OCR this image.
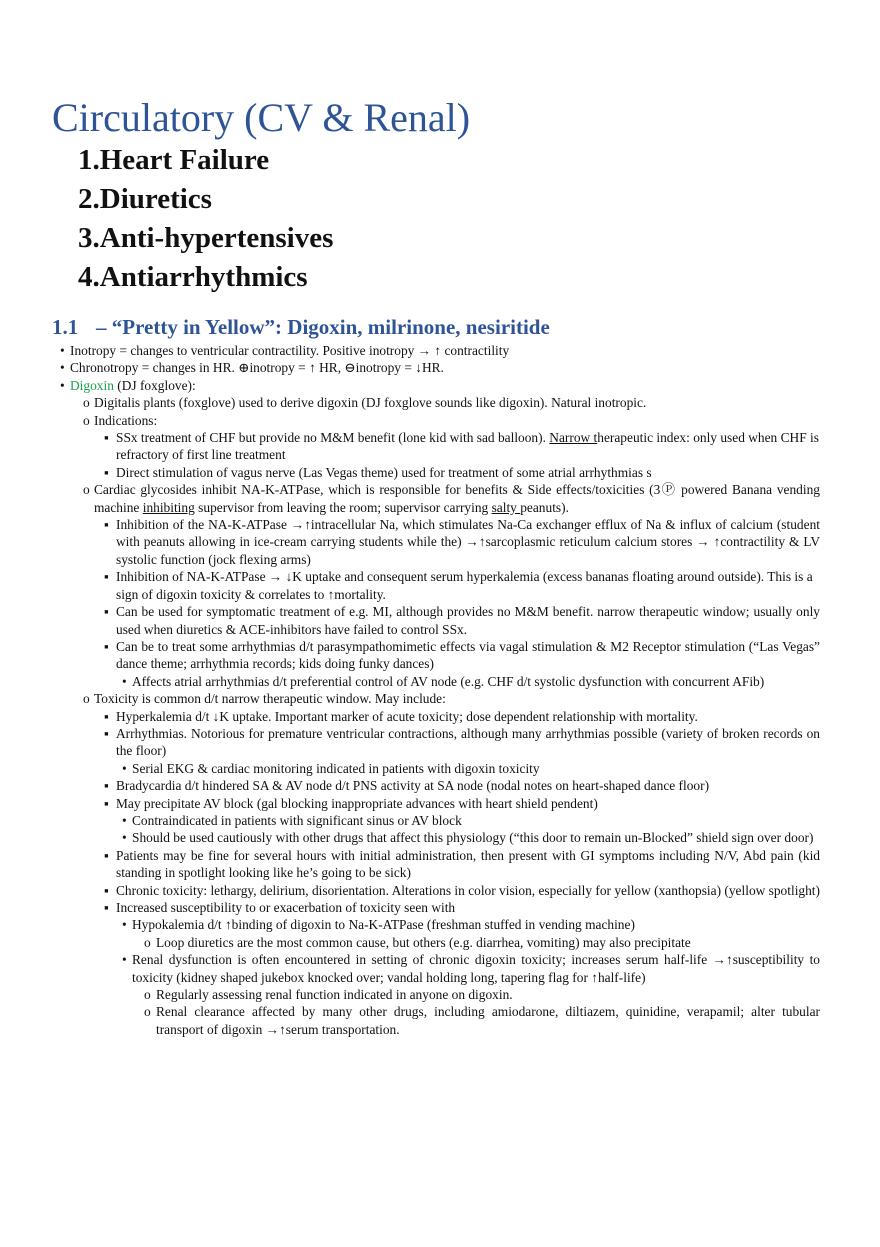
Circulatory (CV & Renal)
1.Heart Failure
2.Diuretics
3.Anti-hypertensives
4.Antiarrhythmics
1.1 – “Pretty in Yellow”: Digoxin, milrinone, nesiritide
• Inotropy = changes to ventricular contractility. Positive inotropy → ↑ contractility
• Chronotropy = changes in HR. ⊕inotropy = ↑ HR, ⊖inotropy = ↓HR.
• Digoxin (DJ foxglove):
o Digitalis plants (foxglove) used to derive digoxin (DJ foxglove sounds like digoxin). Natural inotropic.
o Indications:
▪ SSx treatment of CHF but provide no M&M benefit (lone kid with sad balloon). Narrow therapeutic index: only used when CHF is refractory of first line treatment
▪ Direct stimulation of vagus nerve (Las Vegas theme) used for treatment of some atrial arrhythmias s
o Cardiac glycosides inhibit NA-K-ATPase, which is responsible for benefits & Side effects/toxicities (3Ⓟ powered Banana vending machine inhibiting supervisor from leaving the room; supervisor carrying salty peanuts).
▪ Inhibition of the NA-K-ATPase →↑intracellular Na, which stimulates Na-Ca exchanger efflux of Na & influx of calcium (student with peanuts allowing in ice-cream carrying students while the) →↑sarcoplasmic reticulum calcium stores → ↑contractility & LV systolic function (jock flexing arms)
▪ Inhibition of NA-K-ATPase → ↓K uptake and consequent serum hyperkalemia (excess bananas floating around outside). This is a sign of digoxin toxicity & correlates to ↑mortality.
▪ Can be used for symptomatic treatment of e.g. MI, although provides no M&M benefit. narrow therapeutic window; usually only used when diuretics & ACE-inhibitors have failed to control SSx.
▪ Can be to treat some arrhythmias d/t parasympathomimetic effects via vagal stimulation & M2 Receptor stimulation (“Las Vegas” dance theme; arrhythmia records; kids doing funky dances)
• Affects atrial arrhythmias d/t preferential control of AV node (e.g. CHF d/t systolic dysfunction with concurrent AFib)
o Toxicity is common d/t narrow therapeutic window. May include:
▪ Hyperkalemia d/t ↓K uptake. Important marker of acute toxicity; dose dependent relationship with mortality.
▪ Arrhythmias. Notorious for premature ventricular contractions, although many arrhythmias possible (variety of broken records on the floor)
• Serial EKG & cardiac monitoring indicated in patients with digoxin toxicity
▪ Bradycardia d/t hindered SA & AV node d/t PNS activity at SA node (nodal notes on heart-shaped dance floor)
▪ May precipitate AV block (gal blocking inappropriate advances with heart shield pendent)
• Contraindicated in patients with significant sinus or AV block
• Should be used cautiously with other drugs that affect this physiology (“this door to remain un-Blocked” shield sign over door)
▪ Patients may be fine for several hours with initial administration, then present with GI symptoms including N/V, Abd pain (kid standing in spotlight looking like he’s going to be sick)
▪ Chronic toxicity: lethargy, delirium, disorientation. Alterations in color vision, especially for yellow (xanthopsia) (yellow spotlight)
▪ Increased susceptibility to or exacerbation of toxicity seen with
• Hypokalemia d/t ↑binding of digoxin to Na-K-ATPase (freshman stuffed in vending machine)
o Loop diuretics are the most common cause, but others (e.g. diarrhea, vomiting) may also precipitate
• Renal dysfunction is often encountered in setting of chronic digoxin toxicity; increases serum half-life →↑susceptibility to toxicity (kidney shaped jukebox knocked over; vandal holding long, tapering flag for ↑half-life)
o Regularly assessing renal function indicated in anyone on digoxin.
o Renal clearance affected by many other drugs, including amiodarone, diltiazem, quinidine, verapamil; alter tubular transport of digoxin →↑serum transportation.
